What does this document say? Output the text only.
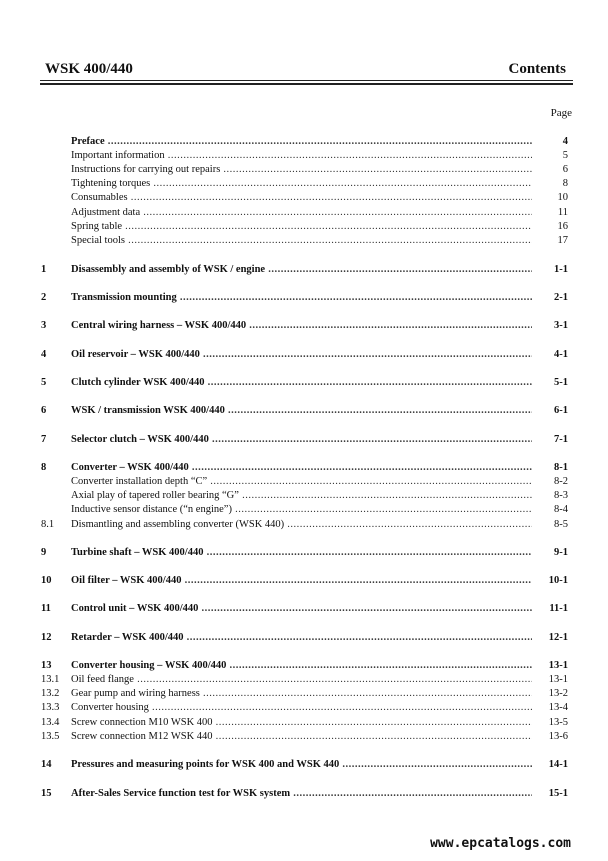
WSK 400/440	Contents
Page
Preface .....	4
Important information .....	5
Instructions for carrying out repairs .....	6
Tightening torques .....	8
Consumables .....	10
Adjustment data .....	11
Spring table .....	16
Special tools .....	17
1	Disassembly and assembly of WSK / engine .....	1-1
2	Transmission mounting .....	2-1
3	Central wiring harness – WSK 400/440 .....	3-1
4	Oil reservoir – WSK 400/440 .....	4-1
5	Clutch cylinder WSK 400/440 .....	5-1
6	WSK / transmission WSK 400/440 .....	6-1
7	Selector clutch – WSK 400/440 .....	7-1
8	Converter – WSK 400/440 .....	8-1
Converter installation depth “C” .....	8-2
Axial play of tapered roller bearing “G” .....	8-3
Inductive sensor distance (“n engine”) .....	8-4
8.1	Dismantling and assembling converter (WSK 440) .....	8-5
9	Turbine shaft – WSK 400/440 .....	9-1
10	Oil filter – WSK 400/440 .....	10-1
11	Control unit – WSK 400/440 .....	11-1
12	Retarder – WSK 400/440 .....	12-1
13	Converter housing – WSK 400/440 .....	13-1
13.1	Oil feed flange .....	13-1
13.2	Gear pump and wiring harness .....	13-2
13.3	Converter housing .....	13-4
13.4	Screw connection M10 WSK 400 .....	13-5
13.5	Screw connection M12 WSK 440 .....	13-6
14	Pressures and measuring points for WSK 400 and WSK 440 .....	14-1
15	After-Sales Service function test for WSK system .....	15-1
www.epcatalogs.com
